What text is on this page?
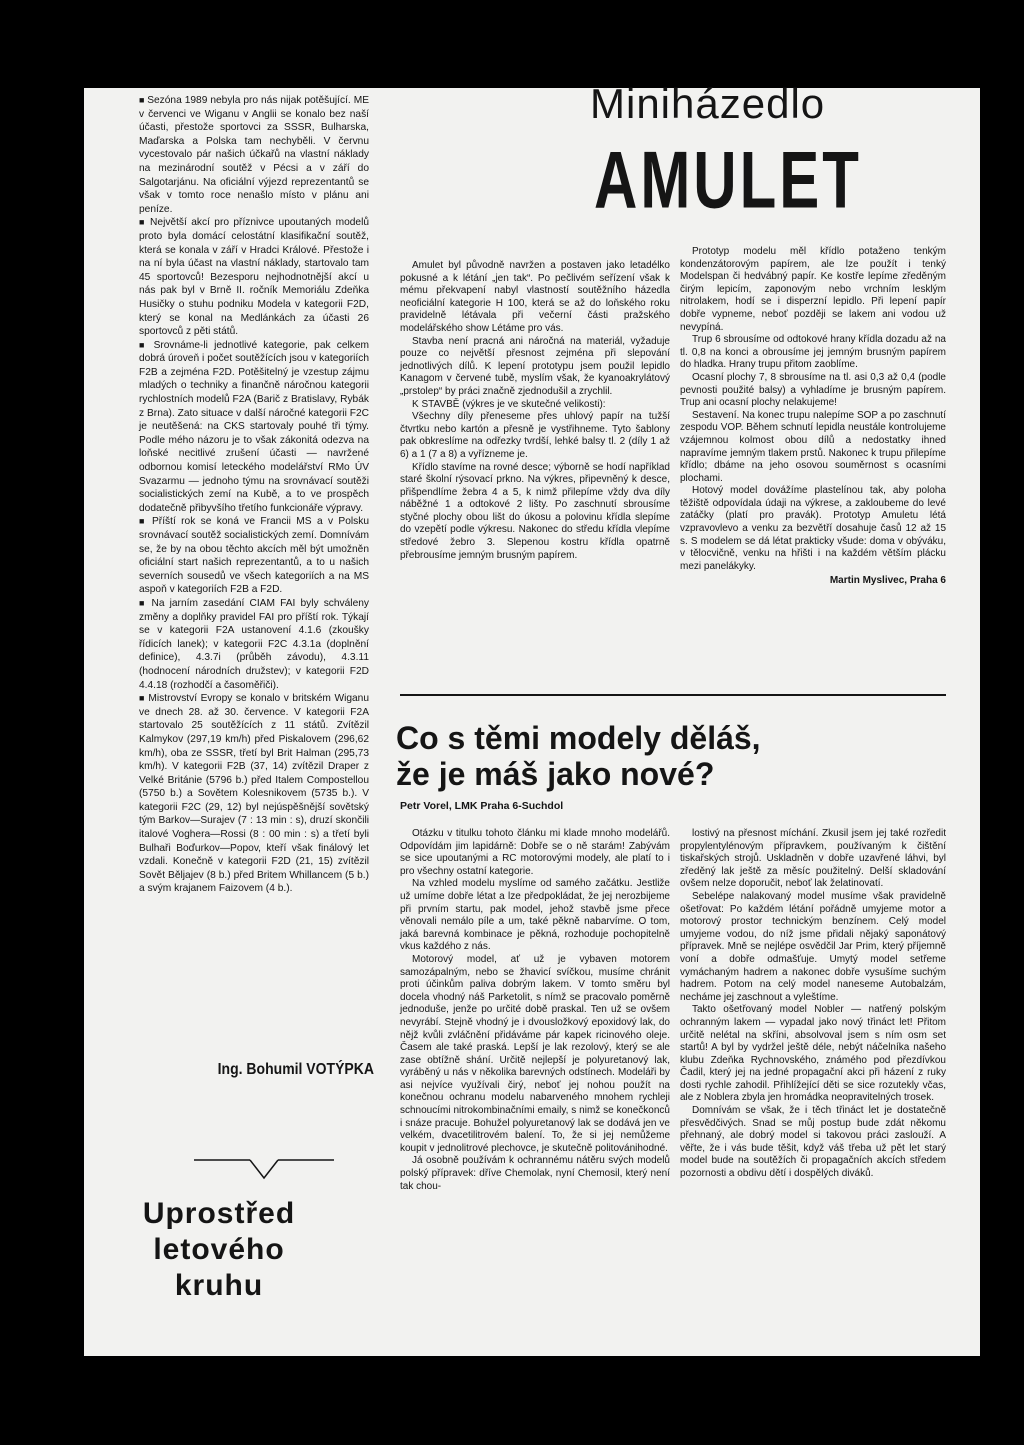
■ Sezóna 1989 nebyla pro nás nijak potěšující. ME v červenci ve Wiganu v Anglii se konalo bez naší účasti, přestože sportovci za SSSR, Bulharska, Maďarska a Polska tam nechyběli. V červnu vycestovalo pár našich účkařů na vlastní náklady na mezinárodní soutěž v Pécsi a v září do Salgotarjánu. Na oficiální výjezd reprezentantů se však v tomto roce nenašlo místo v plánu ani peníze.

■ Největší akcí pro příznivce upoutaných modelů proto byla domácí celostátní klasifikační soutěž, která se konala v září v Hradci Králové. Přestože i na ní byla účast na vlastní náklady, startovalo tam 45 sportovců! Bezesporu nejhodnotnější akcí u nás pak byl v Brně II. ročník Memoriálu Zdeňka Husičky o stuhu podniku Modela v kategorii F2D, který se konal na Medlánkách za účasti 26 sportovců z pěti států.

■ Srovnáme-li jednotlivé kategorie, pak celkem dobrá úroveň i počet soutěžících jsou v kategoriích F2B a zejména F2D. Potěšitelný je vzestup zájmu mladých o techniky a finančně náročnou kategorii rychlostních modelů F2A (Barič z Bratislavy, Rybák z Brna). Zato situace v další náročné kategorii F2C je neutěšená: na CKS startovaly pouhé tři týmy. Podle mého názoru je to však zákonitá odezva na loňské necitlivé zrušení účasti — navržené odbornou komisí leteckého modelářství RMo ÚV Svazarmu — jednoho týmu na srovnávací soutěži socialistických zemí na Kubě, a to ve prospěch dodatečně přibyvšího třetího funkcionáře výpravy.

■ Příští rok se koná ve Francii MS a v Polsku srovnávací soutěž socialistických zemí. Domnívám se, že by na obou těchto akcích měl být umožněn oficiální start našich reprezentantů, a to u našich severních sousedů ve všech kategoriích a na MS aspoň v kategoriích F2B a F2D.

■ Na jarním zasedání CIAM FAI byly schváleny změny a doplňky pravidel FAI pro příští rok. Týkají se v kategorii F2A ustanovení 4.1.6 (zkoušky řídicích lanek); v kategorii F2C 4.3.1a (doplnění definice), 4.3.7i (průběh závodu), 4.3.11 (hodnocení národních družstev); v kategorii F2D 4.4.18 (rozhodčí a časoměřiči).

■ Mistrovství Evropy se konalo v britském Wiganu ve dnech 28. až 30. července. V kategorii F2A startovalo 25 soutěžících z 11 států. Zvítězil Kalmykov (297,19 km/h) před Piskalovem (296,62 km/h), oba ze SSSR, třetí byl Brit Halman (295,73 km/h). V kategorii F2B (37, 14) zvítězil Draper z Velké Británie (5796 b.) před Italem Compostellou (5750 b.) a Sovětem Kolesnikovem (5735 b.). V kategorii F2C (29, 12) byl nejúspěšnější sovětský tým Barkov—Surajev (7 : 13 min : s), druzí skončili italové Voghera—Rossi (8 : 00 min : s) a třetí byli Bulhaři Boďurkov—Popov, kteří však finálový let vzdali. Konečně v kategorii F2D (21, 15) zvítězil Sovět Běljajev (8 b.) před Britem Whillancem (5 b.) a svým krajanem Faizovem (4 b.).

Ing. Bohumil VOTÝPKA
Uprostřed letového kruhu
Miniházedlo
AMULET

Amulet byl původně navržen a postaven jako letadélko pokusné a k létání „jen tak“. Po pečlivém seřízení však k mému překvapení nabyl vlastností soutěžního házedla neoficiální kategorie H 100, která se až do loňského roku pravidelně létávala při večerní části pražského modelářského show Létáme pro vás.

Stavba není pracná ani náročná na materiál, vyžaduje pouze co největší přesnost zejména při slepování jednotlivých dílů. K lepení prototypu jsem použil lepidlo Kanagom v červené tubě, myslím však, že kyanoakrylátový „prstolep“ by práci značně zjednodušil a zrychlil.

K STAVBĚ (výkres je ve skutečné velikosti):

Všechny díly přeneseme přes uhlový papír na tužší čtvrtku nebo kartón a přesně je vystřihneme. Tyto šablony pak obkreslíme na odřezky tvrdší, lehké balsy tl. 2 (díly 1 až 6) a 1 (7 a 8) a vyřízneme je.

Křídlo stavíme na rovné desce; výborně se hodí například staré školní rýsovací prkno. Na výkres, připevněný k desce, přišpendlíme žebra 4 a 5, k nimž přilepíme vždy dva díly náběžné 1 a odtokové 2 lišty. Po zaschnutí sbrousíme styčné plochy obou lišt do úkosu a polovinu křídla slepíme do vzepětí podle výkresu. Nakonec do středu křídla vlepíme středové žebro 3. Slepenou kostru křídla opatrně přebrousíme jemným brusným papírem.

Prototyp modelu měl křídlo potaženo tenkým kondenzátorovým papírem, ale lze použít i tenký Modelspan či hedvábný papír. Ke kostře lepíme zředěným čirým lepicím, zaponovým nebo vrchním lesklým nitrolakem, hodí se i disperzní lepidlo. Při lepení papír dobře vypneme, neboť později se lakem ani vodou už nevypíná.

Trup 6 sbrousíme od odtokové hrany křídla dozadu až na tl. 0,8 na konci a obrousíme jej jemným brusným papírem do hladka. Hrany trupu přitom zaoblíme.

Ocasní plochy 7, 8 sbrousíme na tl. asi 0,3 až 0,4 (podle pevnosti použité balsy) a vyhladíme je brusným papírem. Trup ani ocasní plochy nelakujeme!

Sestavení. Na konec trupu nalepíme SOP a po zaschnutí zespodu VOP. Během schnutí lepidla neustále kontrolujeme vzájemnou kolmost obou dílů a nedostatky ihned napravíme jemným tlakem prstů. Nakonec k trupu přilepíme křídlo; dbáme na jeho osovou souměrnost s ocasními plochami.

Hotový model dovážíme plastelínou tak, aby poloha těžiště odpovídala údaji na výkrese, a zakloubeme do levé zatáčky (platí pro pravák). Prototyp Amuletu létá vzpravovlevo a venku za bezvětří dosahuje časů 12 až 15 s. S modelem se dá létat prakticky všude: doma v obýváku, v tělocvičně, venku na hřišti i na každém větším plácku mezi panelákyky.

Martin Myslivec, Praha 6
Co s těmi modely děláš,
že je máš jako nové?
Petr Vorel, LMK Praha 6-Suchdol

Otázku v titulku tohoto článku mi klade mnoho modelářů. Odpovídám jim lapidárně: Dobře se o ně starám! Zabývám se sice upoutanými a RC motorovými modely, ale platí to i pro všechny ostatní kategorie.

Na vzhled modelu myslíme od samého začátku. Jestliže už umíme dobře létat a lze předpokládat, že jej nerozbijeme při prvním startu, pak model, jehož stavbě jsme přece věnovali nemálo píle a um, také pěkně nabarvíme. O tom, jaká barevná kombinace je pěkná, rozhoduje pochopitelně vkus každého z nás.

Motorový model, ať už je vybaven motorem samozápalným, nebo se žhavicí svíčkou, musíme chránit proti účinkům paliva dobrým lakem. V tomto směru byl docela vhodný náš Parketolit, s nímž se pracovalo poměrně jednoduše, jenže po určité době praskal. Ten už se ovšem nevyrábí. Stejně vhodný je i dvousložkový epoxidový lak, do nějž kvůli zvláčnění přidáváme pár kapek ricinového oleje. Časem ale také praská. Lepší je lak rezolový, který se ale zase obtížně shání. Určitě nejlepší je polyuretanový lak, vyráběný u nás v několika barevných odstínech. Modeláři by asi nejvíce využívali čirý, neboť jej nohou použít na konečnou ochranu modelu nabarveného mnohem rychleji schnoucími nitrokombinačními emaily, s nimž se konečkonců i snáze pracuje. Bohužel polyuretanový lak se dodává jen ve velkém, dvacetilitrovém balení. To, že si jej nemůžeme koupit v jednolitrové plechovce, je skutečně politovánihodné.

Já osobně používám k ochrannému nátěru svých modelů polský přípravek: dříve Chemolak, nyní Chemosil, který není tak chou-

lostivý na přesnost míchání. Zkusil jsem jej také rozředit propylentylénovým přípravkem, používaným k čištění tiskařských strojů. Uskladněn v dobře uzavřené láhvi, byl zředěný lak ještě za měsíc použitelný. Delší skladování ovšem nelze doporučit, neboť lak želatinovatí.

Sebelépe nalakovaný model musíme však pravidelně ošetřovat: Po každém létání pořádně umyjeme motor a motorový prostor technickým benzínem. Celý model umyjeme vodou, do níž jsme přidali nějaký saponátový přípravek. Mně se nejlépe osvědčil Jar Prim, který příjemně voní a dobře odmašťuje. Umytý model setřeme vymáchaným hadrem a nakonec dobře vysušíme suchým hadrem. Potom na celý model naneseme Autobalzám, necháme jej zaschnout a vyleštíme.

Takto ošetřovaný model Nobler — natřený polským ochranným lakem — vypadal jako nový třináct let! Přitom určitě nelétal na skříni, absolvoval jsem s ním osm set startů! A byl by vydržel ještě déle, nebýt náčelníka našeho klubu Zdeňka Rychnovského, známého pod přezdívkou Čadil, který jej na jedné propagační akci při házení z ruky dosti rychle zahodil. Přihlížející děti se sice rozutekly včas, ale z Noblera zbyla jen hromádka neopravitelných trosek.

Domnívám se však, že i těch třináct let je dostatečně přesvědčivých. Snad se můj postup bude zdát někomu přehnaný, ale dobrý model si takovou práci zaslouží. A věřte, že i vás bude těšit, když váš třeba už pět let starý model bude na soutěžích či propagačních akcích středem pozornosti a obdivu dětí i dospělých diváků.

4	MODELÁŘ · 12/1989 · 356
